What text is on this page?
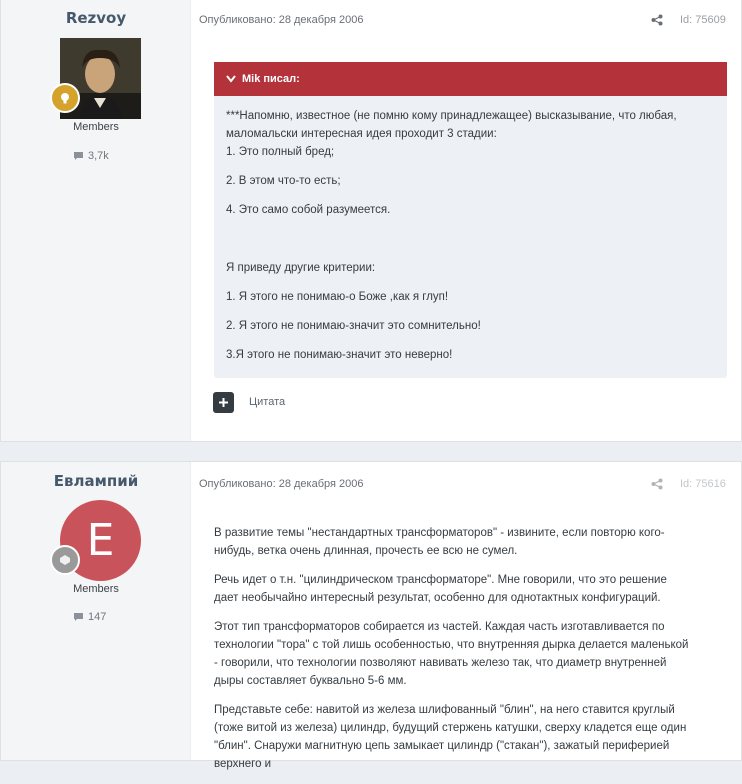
Rezvoy
Members
3,7k
Опубликовано: 28 декабря 2006	Id: 75609
Mik писал:

***Напомню, известное (не помню кому принадлежащее) высказывание, что любая, маломальски интересная идея проходит 3 стадии:

1. Это полный бред;

2. В этом что-то есть;

4. Это само собой разумеется.

Я приведу другие критерии:

1. Я этого не понимаю-о Боже ,как я глуп!

2. Я этого не понимаю-значит это сомнительно!

3.Я этого не понимаю-значит это неверно!

Цитата
Евлампий
E
Members
147
Опубликовано: 28 декабря 2006	Id: 75616

В развитие темы "нестандартных трансформаторов" - извините, если повторю кого-нибудь, ветка очень длинная, прочесть ее всю не сумел.

Речь идет о т.н. "цилиндрическом трансформаторе". Мне говорили, что это решение дает необычайно интересный результат, особенно для однотактных конфигураций.

Этот тип трансформаторов собирается из частей. Каждая часть изготавливается по технологии "тора" с той лишь особенностью, что внутренняя дырка делается маленькой - говорили, что технологии позволяют навивать железо так, что диаметр внутренней дыры составляет буквально 5-6 мм.

Представьте себе: навитой из железа шлифованный "блин", на него ставится круглый (тоже витой из железа) цилиндр, будущий стержень катушки, сверху кладется еще один "блин". Снаружи магнитную цепь замыкает цилиндр ("стакан"), зажатый периферией верхнего и
